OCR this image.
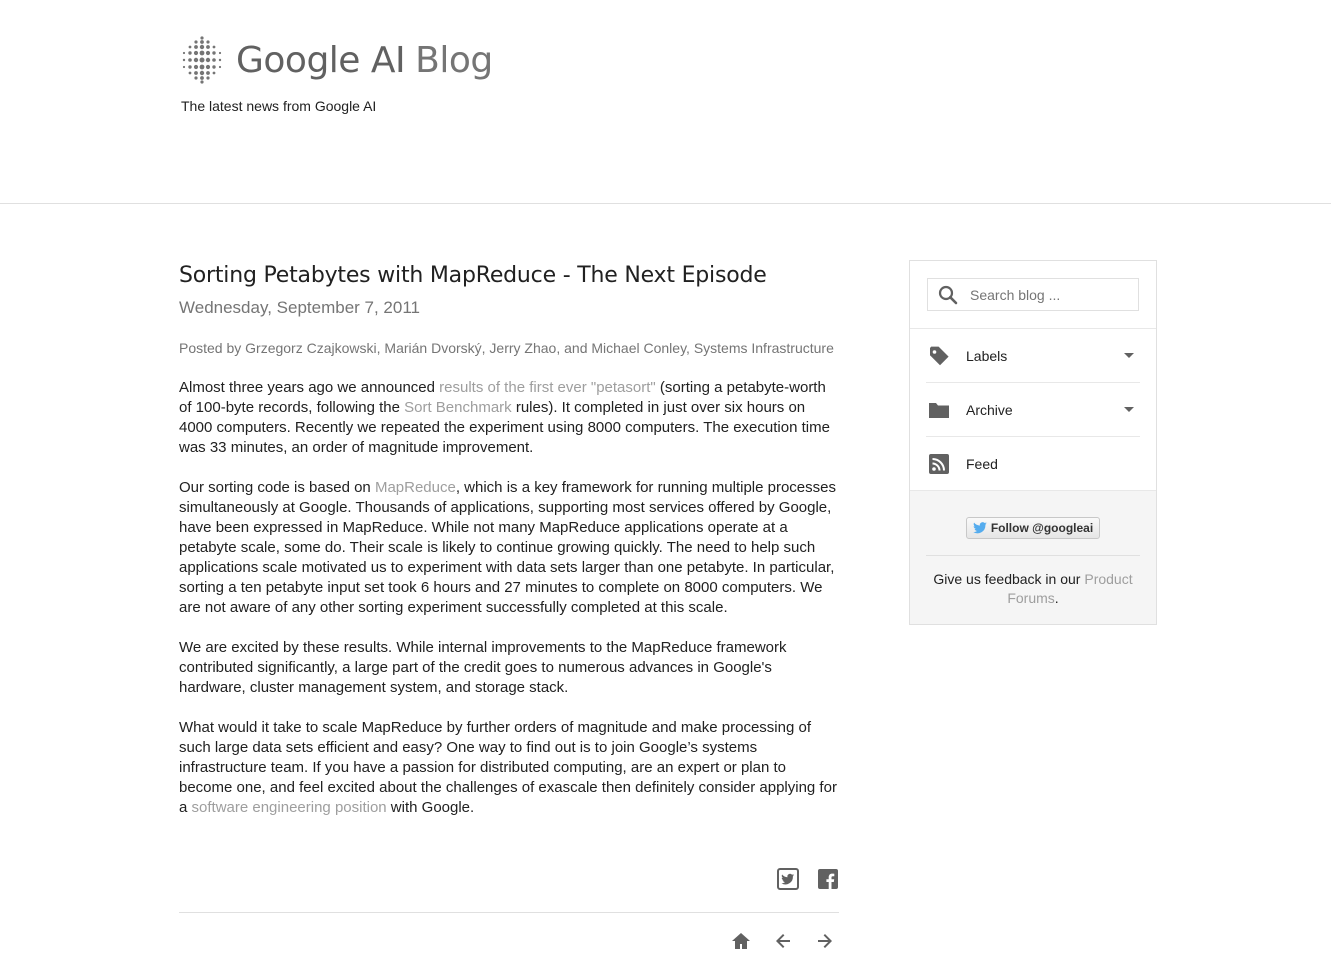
Google AI Blog
The latest news from Google AI
Sorting Petabytes with MapReduce - The Next Episode
Wednesday, September 7, 2011
Posted by Grzegorz Czajkowski, Marián Dvorský, Jerry Zhao, and Michael Conley, Systems Infrastructure

Almost three years ago we announced results of the first ever "petasort" (sorting a petabyte-worth of 100-byte records, following the Sort Benchmark rules). It completed in just over six hours on 4000 computers. Recently we repeated the experiment using 8000 computers. The execution time was 33 minutes, an order of magnitude improvement.

Our sorting code is based on MapReduce, which is a key framework for running multiple processes simultaneously at Google. Thousands of applications, supporting most services offered by Google, have been expressed in MapReduce. While not many MapReduce applications operate at a petabyte scale, some do. Their scale is likely to continue growing quickly. The need to help such applications scale motivated us to experiment with data sets larger than one petabyte. In particular, sorting a ten petabyte input set took 6 hours and 27 minutes to complete on 8000 computers. We are not aware of any other sorting experiment successfully completed at this scale.

We are excited by these results. While internal improvements to the MapReduce framework contributed significantly, a large part of the credit goes to numerous advances in Google's hardware, cluster management system, and storage stack.

What would it take to scale MapReduce by further orders of magnitude and make processing of such large data sets efficient and easy? One way to find out is to join Google’s systems infrastructure team. If you have a passion for distributed computing, are an expert or plan to become one, and feel excited about the challenges of exascale then definitely consider applying for a software engineering position with Google.

Search blog ...
Labels
Archive
Feed
Follow @googleai
Give us feedback in our Product Forums.
